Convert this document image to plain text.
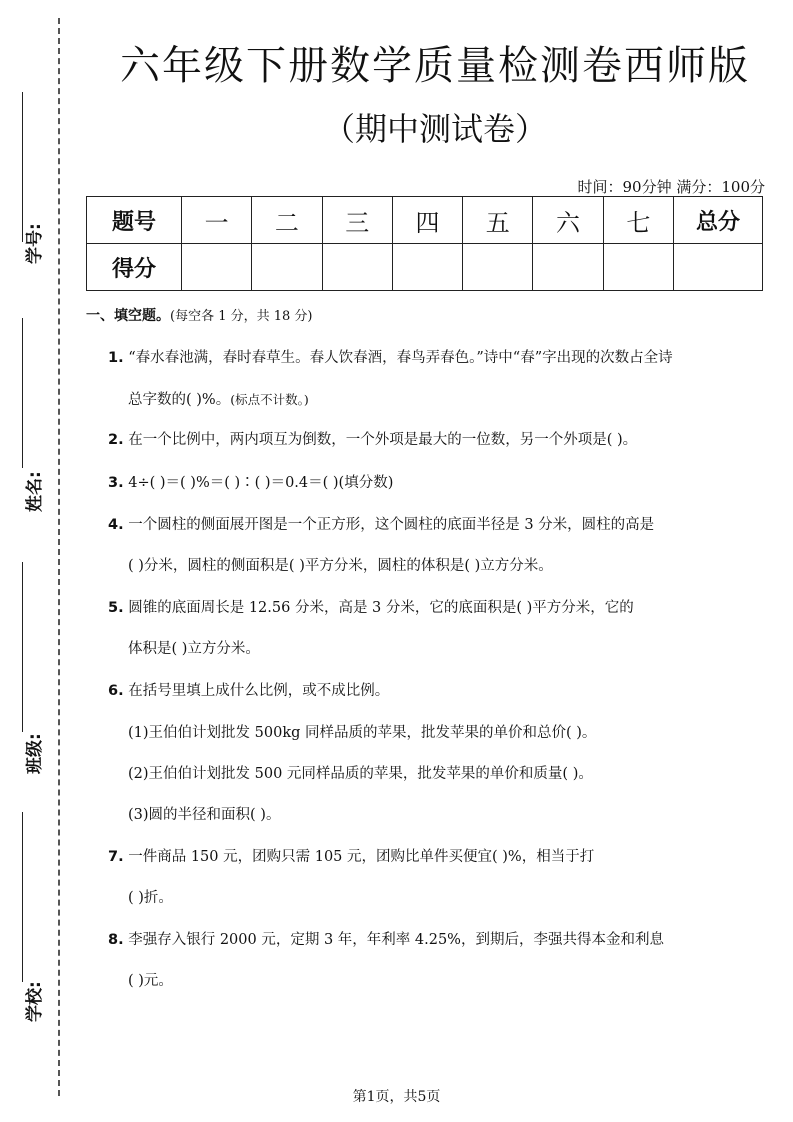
学号:
姓名:
班级:
学校:
六年级下册数学质量检测卷西师版
（期中测试卷）
时间：90分钟 满分：100分
题号	一	二	三	四	五	六	七	总分
得分								
一、填空题。(每空各 1 分，共 18 分)
1. “春水春池满，春时春草生。春人饮春酒，春鸟弄春色。”诗中“春”字出现的次数占全诗
总字数的( )%。(标点不计数。)
2. 在一个比例中，两内项互为倒数，一个外项是最大的一位数，另一个外项是( )。
3. 4÷( )＝( )%＝( )∶( )＝0.4＝( )(填分数)
4. 一个圆柱的侧面展开图是一个正方形，这个圆柱的底面半径是 3 分米，圆柱的高是
( )分米，圆柱的侧面积是( )平方分米，圆柱的体积是( )立方分米。
5. 圆锥的底面周长是 12.56 分米，高是 3 分米，它的底面积是( )平方分米，它的
体积是( )立方分米。
6. 在括号里填上成什么比例，或不成比例。
(1)王伯伯计划批发 500kg 同样品质的苹果，批发苹果的单价和总价( )。
(2)王伯伯计划批发 500 元同样品质的苹果，批发苹果的单价和质量( )。
(3)圆的半径和面积( )。
7. 一件商品 150 元，团购只需 105 元，团购比单件买便宜( )%，相当于打
( )折。
8. 李强存入银行 2000 元，定期 3 年，年利率 4.25%，到期后，李强共得本金和利息
( )元。
第1页，共5页
